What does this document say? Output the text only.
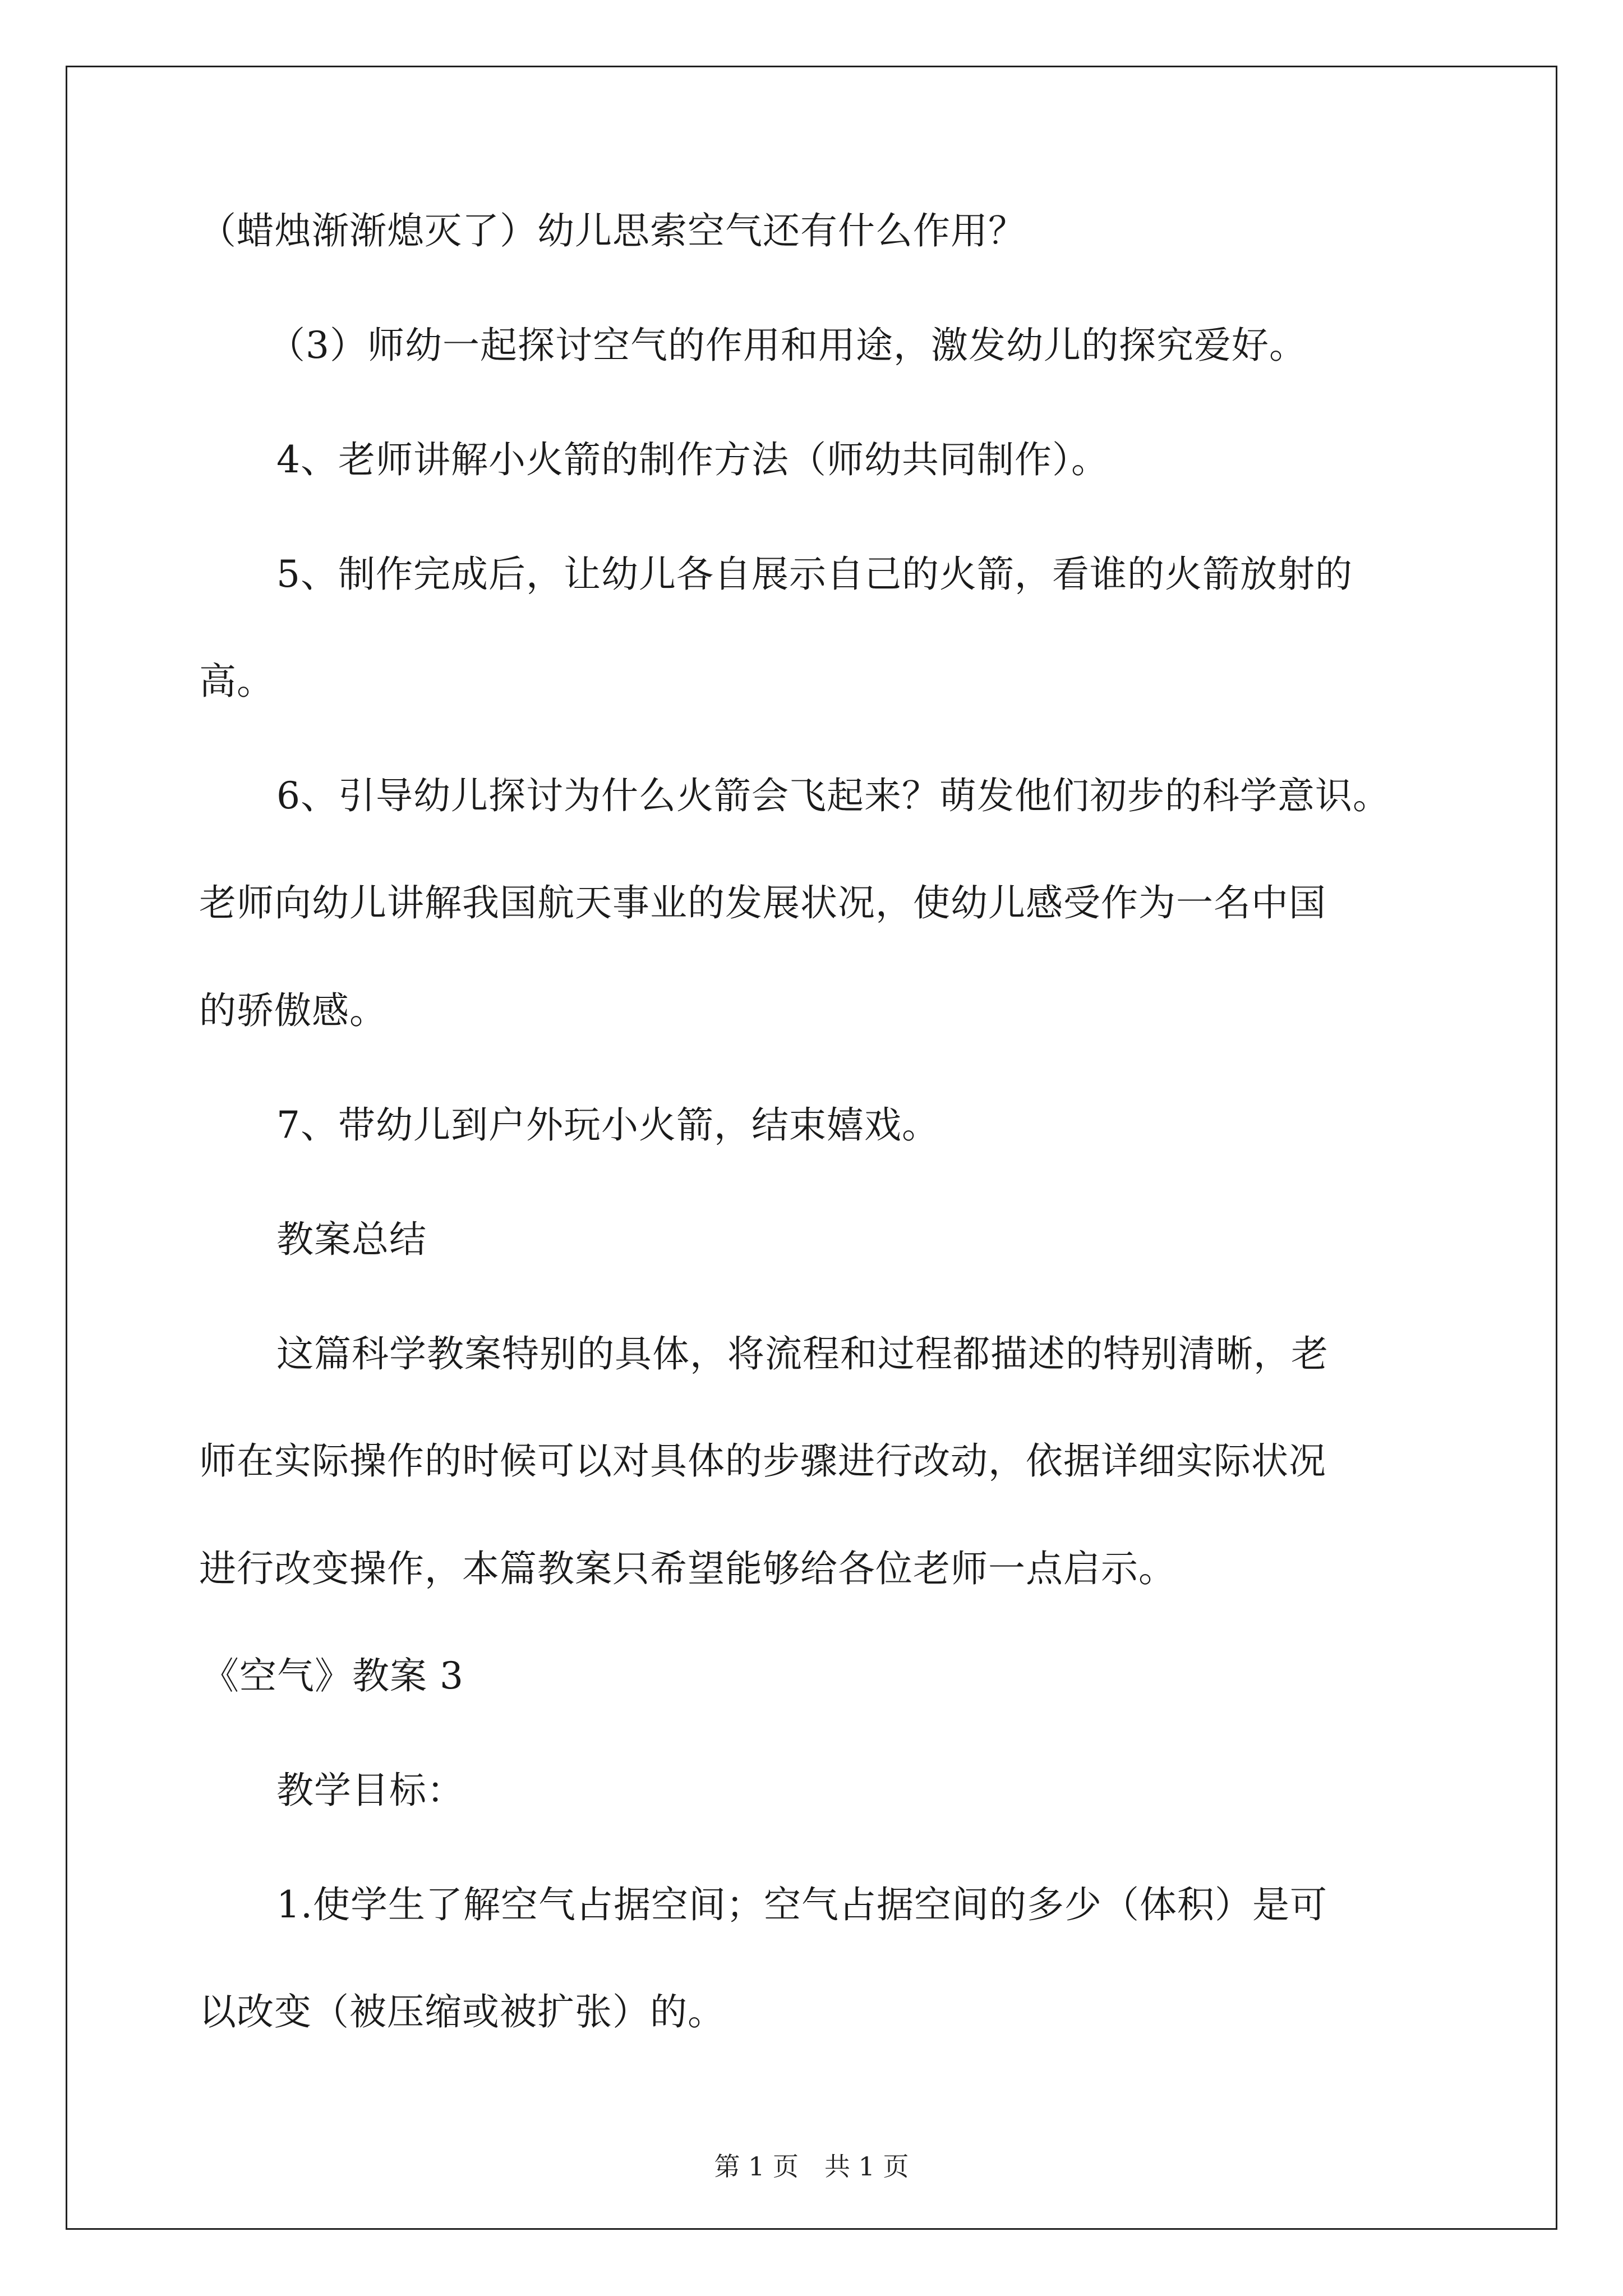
（蜡烛渐渐熄灭了）幼儿思索空气还有什么作用？
（3）师幼一起探讨空气的作用和用途，激发幼儿的探究爱好。
4、老师讲解小火箭的制作方法（师幼共同制作）。
5、制作完成后，让幼儿各自展示自己的火箭，看谁的火箭放射的
高。
6、引导幼儿探讨为什么火箭会飞起来？萌发他们初步的科学意识。
老师向幼儿讲解我国航天事业的发展状况，使幼儿感受作为一名中国
的骄傲感。
7、带幼儿到户外玩小火箭，结束嬉戏。
教案总结
这篇科学教案特别的具体，将流程和过程都描述的特别清晰，老
师在实际操作的时候可以对具体的步骤进行改动，依据详细实际状况
进行改变操作，本篇教案只希望能够给各位老师一点启示。
《空气》教案 3
教学目标：
1.使学生了解空气占据空间；空气占据空间的多少（体积）是可
以改变（被压缩或被扩张）的。
第 1 页　共 1 页
